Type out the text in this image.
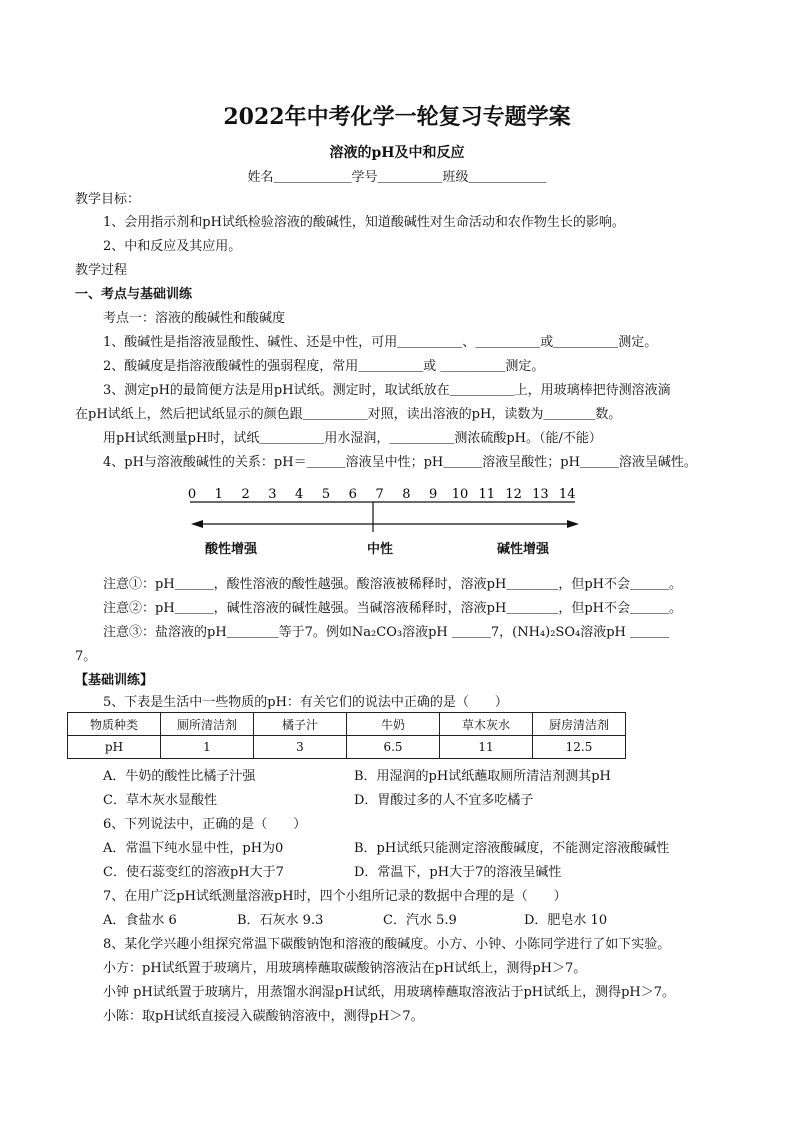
2022年中考化学一轮复习专题学案
溶液的pH及中和反应
姓名＿＿＿＿＿＿学号＿＿＿＿＿班级＿＿＿＿＿＿
教学目标：
1、会用指示剂和pH试纸检验溶液的酸碱性，知道酸碱性对生命活动和农作物生长的影响。
2、中和反应及其应用。
教学过程
一、考点与基础训练
考点一：溶液的酸碱性和酸碱度
1、酸碱性是指溶液显酸性、碱性、还是中性，可用＿＿＿＿＿、＿＿＿＿＿或＿＿＿＿＿测定。
2、酸碱度是指溶液酸碱性的强弱程度，常用＿＿＿＿＿或 ＿＿＿＿＿测定。
3、测定pH的最简便方法是用pH试纸。测定时，取试纸放在＿＿＿＿＿上，用玻璃棒把待测溶液滴
在pH试纸上，然后把试纸显示的颜色跟＿＿＿＿＿对照，读出溶液的pH，读数为＿＿＿＿数。
用pH试纸测量pH时，试纸＿＿＿＿＿用水湿润，＿＿＿＿＿测浓硫酸pH。（能/不能）
4、pH与溶液酸碱性的关系：pH＝＿＿＿溶液呈中性；pH＿＿＿溶液呈酸性；pH＿＿＿溶液呈碱性。
0 1 2 3 4 5 6 7 8 9 10 11 12 13 14
酸性增强	中性	碱性增强
注意①：pH＿＿＿，酸性溶液的酸性越强。酸溶液被稀释时，溶液pH＿＿＿＿，但pH不会＿＿＿。
注意②：pH＿＿＿，碱性溶液的碱性越强。当碱溶液稀释时，溶液pH＿＿＿＿，但pH不会＿＿＿。
注意③：盐溶液的pH＿＿＿＿等于7。例如Na₂CO₃溶液pH ＿＿＿7，(NH₄)₂SO₄溶液pH ＿＿＿
7。
【基础训练】
5、下表是生活中一些物质的pH：有关它们的说法中正确的是（　　）
物质种类	厕所清洁剂	橘子汁	牛奶	草木灰水	厨房清洁剂
pH	1	3	6.5	11	12.5
A．牛奶的酸性比橘子汁强	B．用湿润的pH试纸蘸取厕所清洁剂测其pH
C．草木灰水显酸性	D．胃酸过多的人不宜多吃橘子
6、下列说法中，正确的是（　　）
A．常温下纯水显中性，pH为0	B．pH试纸只能测定溶液酸碱度，不能测定溶液酸碱性
C．使石蕊变红的溶液pH大于7	D．常温下，pH大于7的溶液呈碱性
7、在用广泛pH试纸测量溶液pH时，四个小组所记录的数据中合理的是（　　）
A．食盐水 6	B．石灰水 9.3	C．汽水 5.9	D．肥皂水 10
8、某化学兴趣小组探究常温下碳酸钠饱和溶液的酸碱度。小方、小钟、小陈同学进行了如下实验。
小方：pH试纸置于玻璃片，用玻璃棒蘸取碳酸钠溶液沾在pH试纸上，测得pH＞7。
小钟 pH试纸置于玻璃片，用蒸馏水润湿pH试纸，用玻璃棒蘸取溶液沾于pH试纸上，测得pH＞7。
小陈：取pH试纸直接浸入碳酸钠溶液中，测得pH＞7。
